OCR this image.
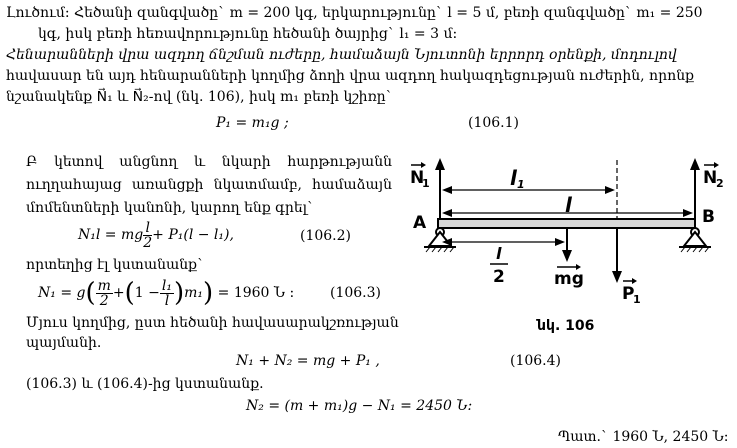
Լուծում: Հեծանի զանգվածը` m = 200 կգ, երկարությունը` l = 5 մ, բեռի զանգվածը` m₁ = 250
կգ, իսկ բեռի հեռավորությունը հեծանի ծայրից` l₁ = 3 մ:
Հենարանների վրա ազդող ճնշման ուժերը, համաձայն Նյուտոնի երրորդ օրենքի, մոդուլով
հավասար են այդ հենարանների կողմից ձողի վրա ազդող հակազդեցության ուժերին, որոնք
նշանակենք N⃗₁ և N⃗₂-ով (նկ. 106), իսկ m₁ բեռի կշիռը`
P₁ = m₁g ;	(106.1)
Բ կետով անցնող և նկարի հարթությանն
ուղղահայաց առանցքի նկատմամբ, համաձայն
մոմենտների կանոնի, կարող ենք գրել`
N₁l = mg $\frac{l}{2} + P_1(l - l_1)$,	(106.2)
որտեղից էլ կստանանք`
$N_1 = g( \frac{m}{2} +(1 - \frac{\text{l₁}}{l} )m_1) = 1960$ Ն :	(106.3)
Մյուս կողմից, ըստ հեծանի հավասարակշռության
պայմանի.
N₁ + N₂ = mg + P₁ ,	(106.4)
(106.3) և (106.4)-ից կստանանք.
N₂ = (m + m₁)g − N₁ = 2450 Ն:
Պատ.` 1960 Ն, 2450 Ն:
N
1	N
2
l 1
l
l
2
A	B
mg
P
1
նկ. 106
